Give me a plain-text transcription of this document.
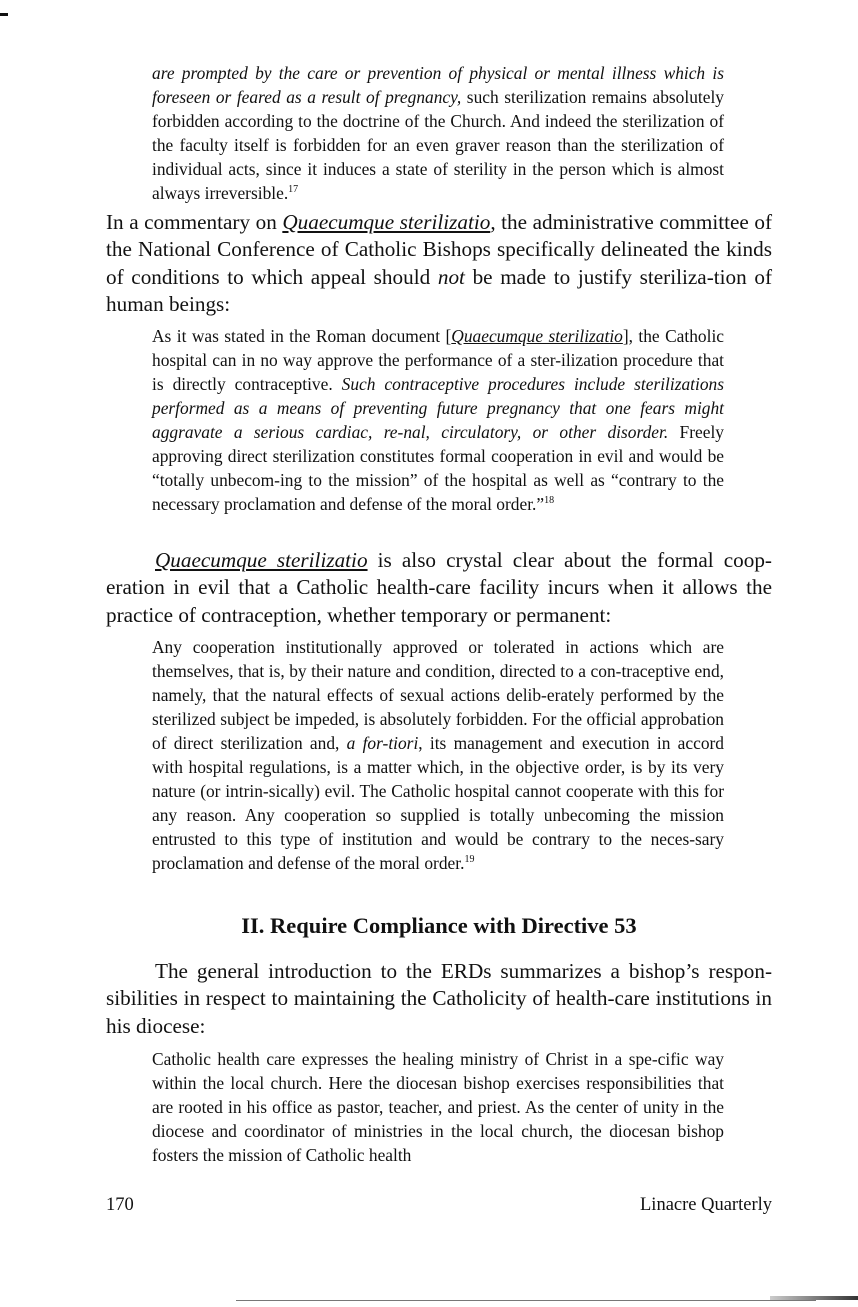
are prompted by the care or prevention of physical or mental illness which is foreseen or feared as a result of pregnancy, such sterilization remains absolutely forbidden according to the doctrine of the Church. And indeed the sterilization of the faculty itself is forbidden for an even graver reason than the sterilization of individual acts, since it induces a state of sterility in the person which is almost always irreversible.$^{17}$

In a commentary on Quaecumque sterilizatio, the administrative committee of the National Conference of Catholic Bishops specifically delineated the kinds of conditions to which appeal should not be made to justify steriliza-tion of human beings:

As it was stated in the Roman document [Quaecumque sterilizatio], the Catholic hospital can in no way approve the performance of a ster-ilization procedure that is directly contraceptive. Such contraceptive procedures include sterilizations performed as a means of preventing future pregnancy that one fears might aggravate a serious cardiac, re-nal, circulatory, or other disorder. Freely approving direct sterilization constitutes formal cooperation in evil and would be “totally unbecom-ing to the mission” of the hospital as well as “contrary to the necessary proclamation and defense of the moral order.”$^{18}$

Quaecumque sterilizatio is also crystal clear about the formal coop-eration in evil that a Catholic health-care facility incurs when it allows the practice of contraception, whether temporary or permanent:

Any cooperation institutionally approved or tolerated in actions which are themselves, that is, by their nature and condition, directed to a con-traceptive end, namely, that the natural effects of sexual actions delib-erately performed by the sterilized subject be impeded, is absolutely forbidden. For the official approbation of direct sterilization and, a for-tiori, its management and execution in accord with hospital regulations, is a matter which, in the objective order, is by its very nature (or intrin-sically) evil. The Catholic hospital cannot cooperate with this for any reason. Any cooperation so supplied is totally unbecoming the mission entrusted to this type of institution and would be contrary to the neces-sary proclamation and defense of the moral order.$^{19}$

II. Require Compliance with Directive 53

The general introduction to the ERDs summarizes a bishop’s respon-sibilities in respect to maintaining the Catholicity of health-care institutions in his diocese:

Catholic health care expresses the healing ministry of Christ in a spe-cific way within the local church. Here the diocesan bishop exercises responsibilities that are rooted in his office as pastor, teacher, and priest. As the center of unity in the diocese and coordinator of ministries in the local church, the diocesan bishop fosters the mission of Catholic health

170	Linacre Quarterly
